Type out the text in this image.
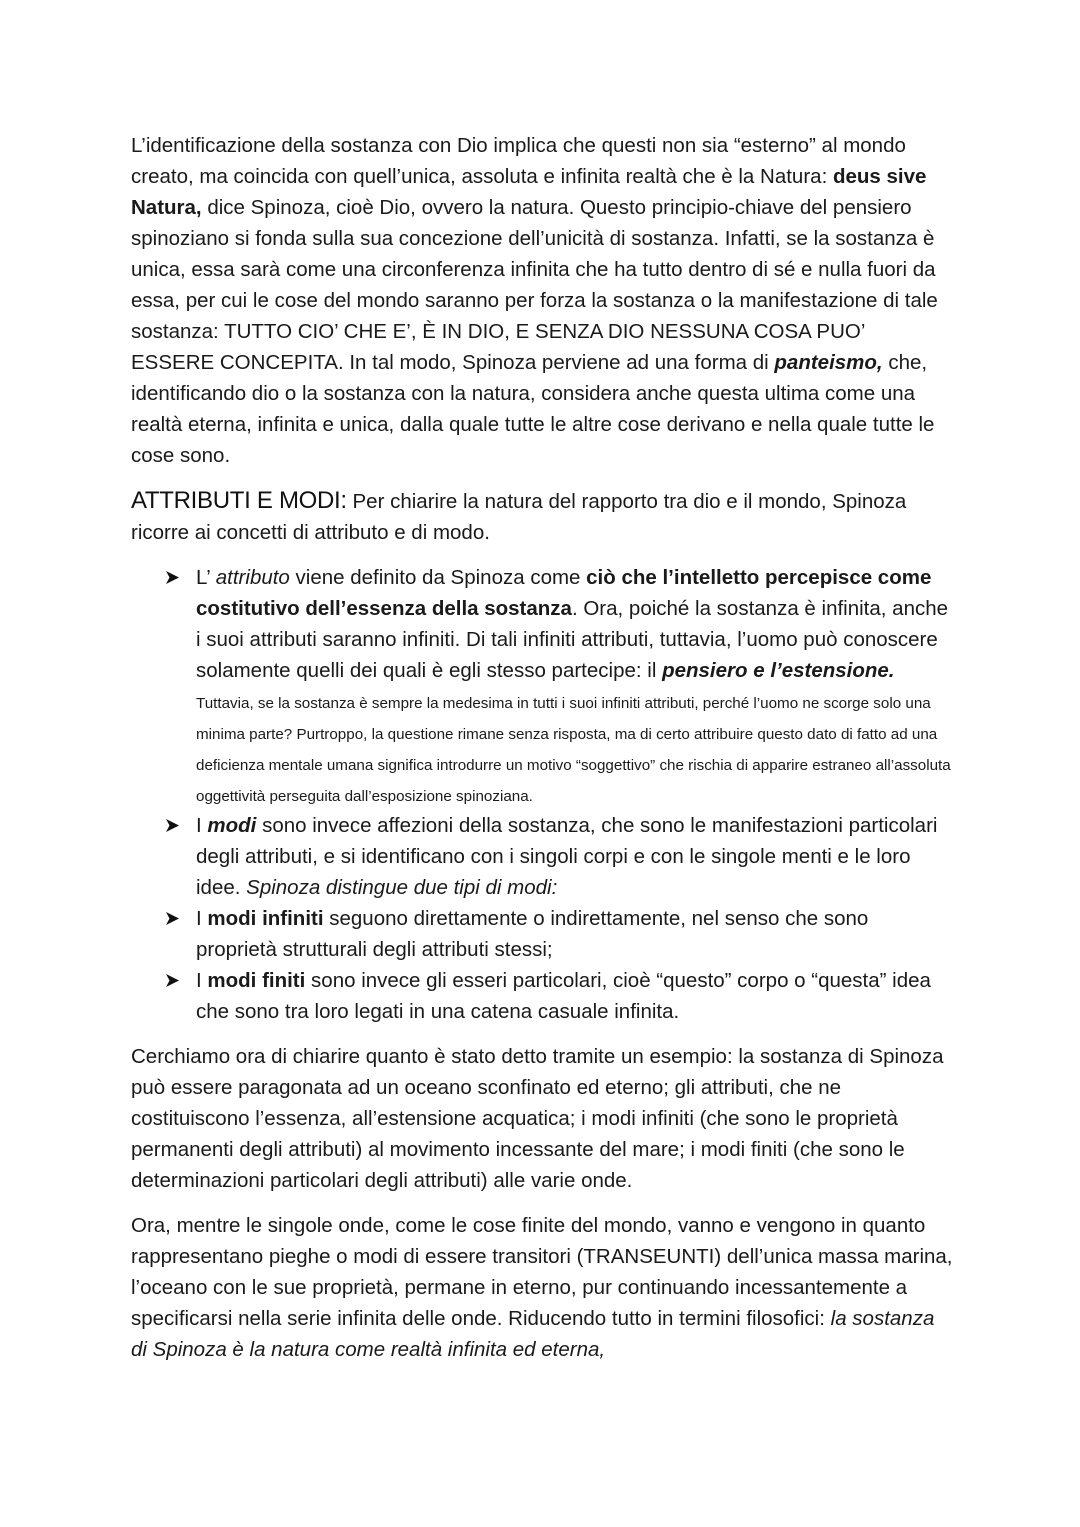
L’identificazione della sostanza con Dio implica che questi non sia “esterno” al mondo creato, ma coincida con quell’unica, assoluta e infinita realtà che è la Natura: deus sive Natura, dice Spinoza, cioè Dio, ovvero la natura. Questo principio-chiave del pensiero spinoziano si fonda sulla sua concezione dell’unicità di sostanza. Infatti, se la sostanza è unica, essa sarà come una circonferenza infinita che ha tutto dentro di sé e nulla fuori da essa, per cui le cose del mondo saranno per forza la sostanza o la manifestazione di tale sostanza: TUTTO CIO’ CHE E’, È IN DIO, E SENZA DIO NESSUNA COSA PUO’ ESSERE CONCEPITA. In tal modo, Spinoza perviene ad una forma di panteismo, che, identificando dio o la sostanza con la natura, considera anche questa ultima come una realtà eterna, infinita e unica, dalla quale tutte le altre cose derivano e nella quale tutte le cose sono.

ATTRIBUTI E MODI: Per chiarire la natura del rapporto tra dio e il mondo, Spinoza ricorre ai concetti di attributo e di modo.

L’ attributo viene definito da Spinoza come ciò che l’intelletto percepisce come costitutivo dell’essenza della sostanza. Ora, poiché la sostanza è infinita, anche i suoi attributi saranno infiniti. Di tali infiniti attributi, tuttavia, l’uomo può conoscere solamente quelli dei quali è egli stesso partecipe: il pensiero e l’estensione. Tuttavia, se la sostanza è sempre la medesima in tutti i suoi infiniti attributi, perché l’uomo ne scorge solo una minima parte? Purtroppo, la questione rimane senza risposta, ma di certo attribuire questo dato di fatto ad una deficienza mentale umana significa introdurre un motivo “soggettivo” che rischia di apparire estraneo all’assoluta oggettività perseguita dall’esposizione spinoziana.
I modi sono invece affezioni della sostanza, che sono le manifestazioni particolari degli attributi, e si identificano con i singoli corpi e con le singole menti e le loro idee. Spinoza distingue due tipi di modi:
I modi infiniti seguono direttamente o indirettamente, nel senso che sono proprietà strutturali degli attributi stessi;
I modi finiti sono invece gli esseri particolari, cioè “questo” corpo o “questa” idea che sono tra loro legati in una catena casuale infinita.

Cerchiamo ora di chiarire quanto è stato detto tramite un esempio: la sostanza di Spinoza può essere paragonata ad un oceano sconfinato ed eterno; gli attributi, che ne costituiscono l’essenza, all’estensione acquatica; i modi infiniti (che sono le proprietà permanenti degli attributi) al movimento incessante del mare; i modi finiti (che sono le determinazioni particolari degli attributi) alle varie onde.

Ora, mentre le singole onde, come le cose finite del mondo, vanno e vengono in quanto rappresentano pieghe o modi di essere transitori (TRANSEUNTI) dell’unica massa marina, l’oceano con le sue proprietà, permane in eterno, pur continuando incessantemente a specificarsi nella serie infinita delle onde. Riducendo tutto in termini filosofici: la sostanza di Spinoza è la natura come realtà infinita ed eterna,
